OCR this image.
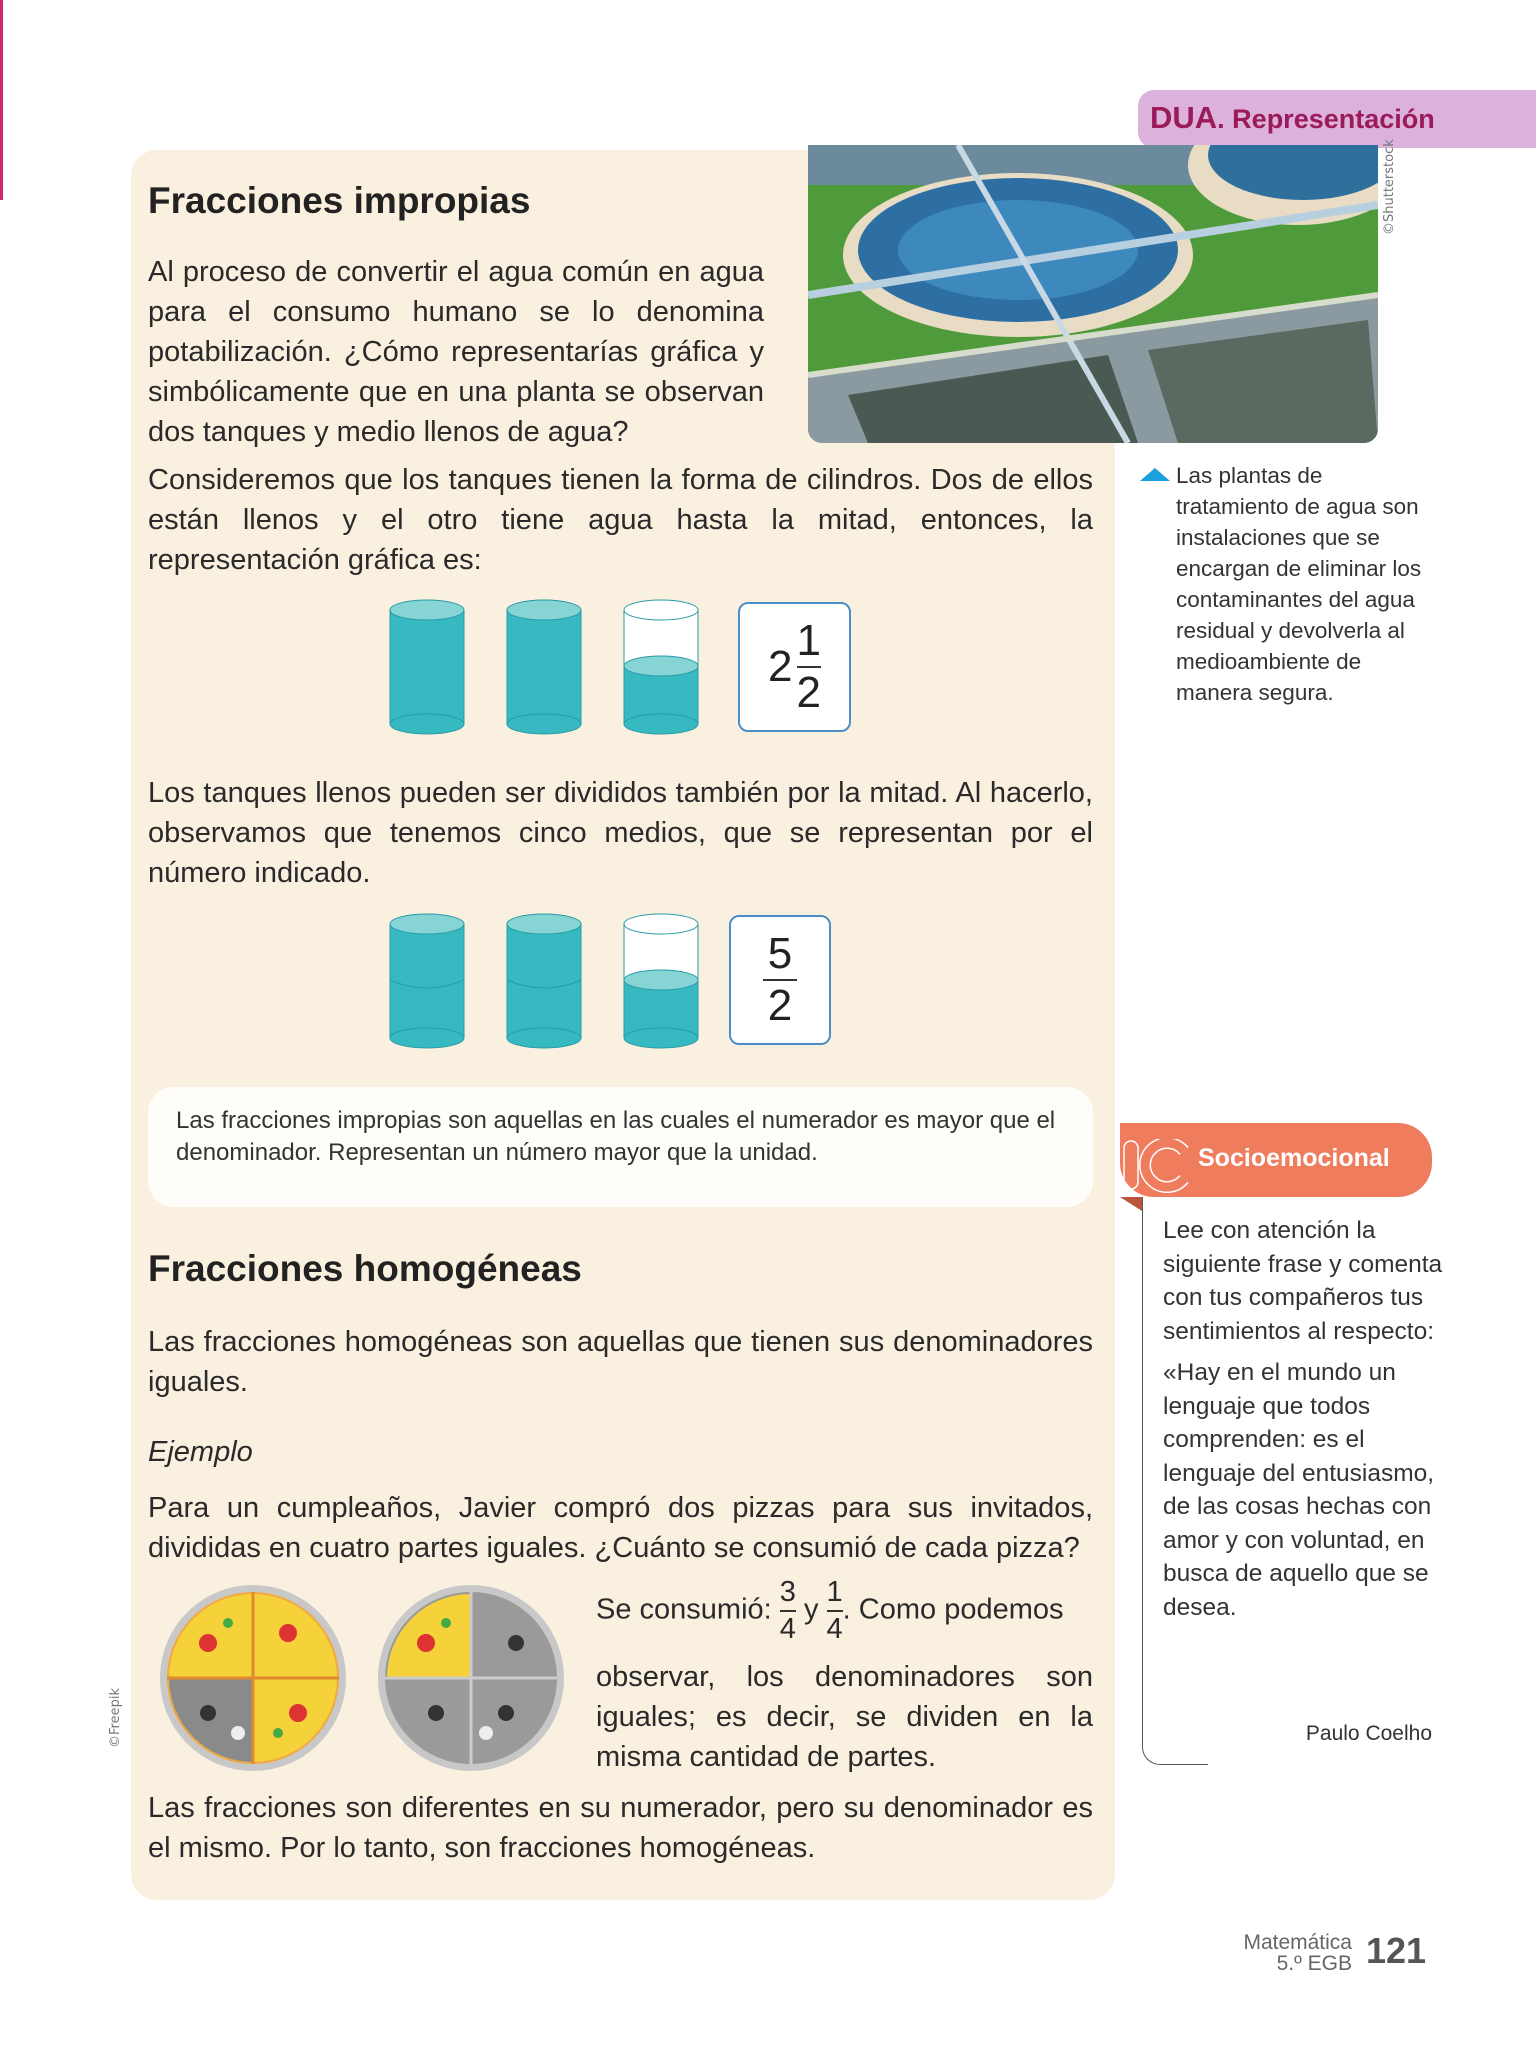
DUA. Representación
©Shutterstock
Fracciones impropias

Al proceso de convertir el agua común en agua para el consumo humano se lo denomina potabilización. ¿Cómo representarías gráfica y simbólicamente que en una planta se observan dos tanques y medio llenos de agua?

Consideremos que los tanques tienen la forma de cilindros. Dos de ellos están llenos y el otro tiene agua hasta la mitad, entonces, la representación gráfica es:

$2 \frac{1}{2}$

Los tanques llenos pueden ser divididos también por la mitad. Al hacerlo, observamos que tenemos cinco medios, que se representan por el número indicado.

$\frac{5}{2}$
Las fracciones impropias son aquellas en las cuales el numerador es mayor que el denominador. Representan un número mayor que la unidad.
Fracciones homogéneas

Las fracciones homogéneas son aquellas que tienen sus denominadores iguales.

Ejemplo

Para un cumpleaños, Javier compró dos pizzas para sus invitados, divididas en cuatro partes iguales. ¿Cuánto se consumió de cada pizza?

©Freepik
Se consumió: $\frac{3}{4}$ y $\frac{1}{4}$ . Como podemos

observar, los denominadores son iguales; es decir, se dividen en la misma cantidad de partes.

Las fracciones son diferentes en su numerador, pero su denominador es el mismo. Por lo tanto, son fracciones homogéneas.

Las plantas de tratamiento de agua son instalaciones que se encargan de eliminar los contaminantes del agua residual y devolverla al medioambiente de manera segura.
Socioemocional

Lee con atención la siguiente frase y comenta con tus compañeros tus sentimientos al respecto:

«Hay en el mundo un lenguaje que todos comprenden: es el lenguaje del entusiasmo, de las cosas hechas con amor y con voluntad, en busca de aquello que se desea.

Paulo Coelho
Matemática
5.º EGB 121
